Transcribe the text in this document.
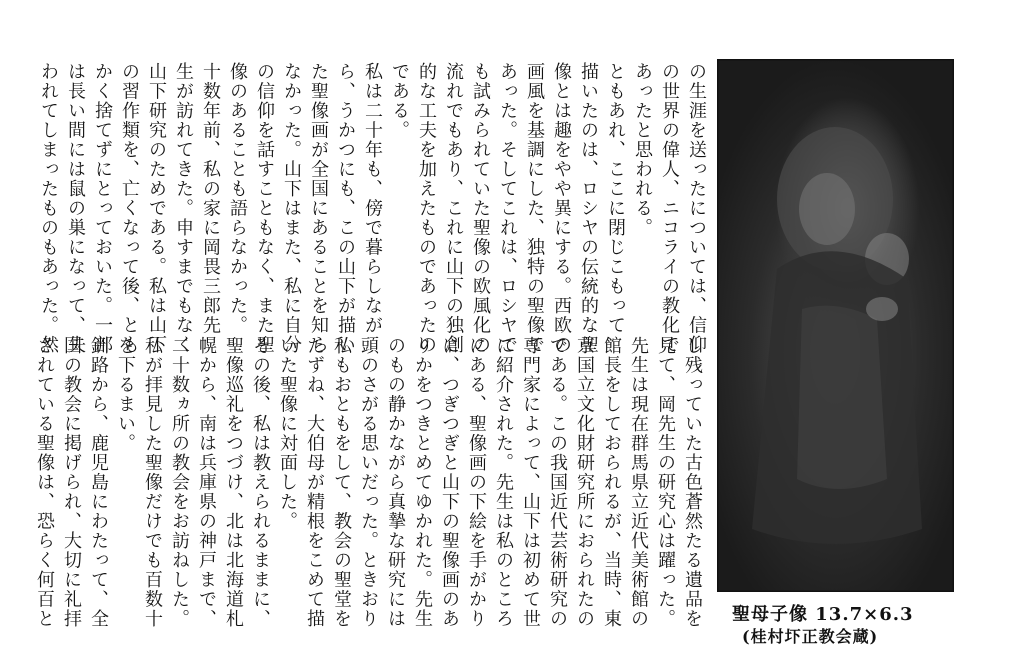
の生涯を送ったについては、信仰

の世界の偉人、ニコライの教化で

あったと思われる。

ともあれ、ここに閉じこもって

描いたのは、ロシヤの伝統的な聖

像とは趣をやや異にする。西欧の

画風を基調にした、独特の聖像で

あった。そしてこれは、ロシヤで

も試みられていた聖像の欧風化の

流れでもあり、これに山下の独創

的な工夫を加えたものであったの

である。

私は二十年も、傍で暮らしなが

ら、うかつにも、この山下が描い

た聖像画が全国にあることを知ら

なかった。山下はまた、私に自分

の信仰を話すこともなく、また聖

像のあることも語らなかった。

十数年前、私の家に岡畏三郎先

生が訪れてきた。申すまでもなく

山下研究のためである。私は山下

の習作類を、亡くなって後、とも

かく捨てずにとっておいた。一部

は長い間には鼠の巣になって、失

われてしまったものもあった。然

し残っていた古色蒼然たる遺品を

見て、岡先生の研究心は躍った。

先生は現在群馬県立近代美術館の

館長をしておられるが、当時、東

京国立文化財研究所におられたの

である。この我国近代芸術研究の

専門家によって、山下は初めて世

に紹介された。先生は私のところ

にある、聖像画の下絵を手がかり

に、つぎつぎと山下の聖像画のあ

りかをつきとめてゆかれた。先生

のもの静かながら真摯な研究には

頭のさがる思いだった。ときおり

私もおともをして、教会の聖堂を

たずね、大伯母が精根をこめて描

いた聖像に対面した。

その後、私は教えられるままに、

聖像巡礼をつづけ、北は北海道札

幌から、南は兵庫県の神戸まで、

二十数ヵ所の教会をお訪ねした。

私が拝見した聖像だけでも百数十

を下るまい。

釧路から、鹿児島にわたって、全

国の教会に掲げられ、大切に礼拝

されている聖像は、恐らく何百と	聖母子像 13.7×6.3
(桂村圷正教会蔵)
